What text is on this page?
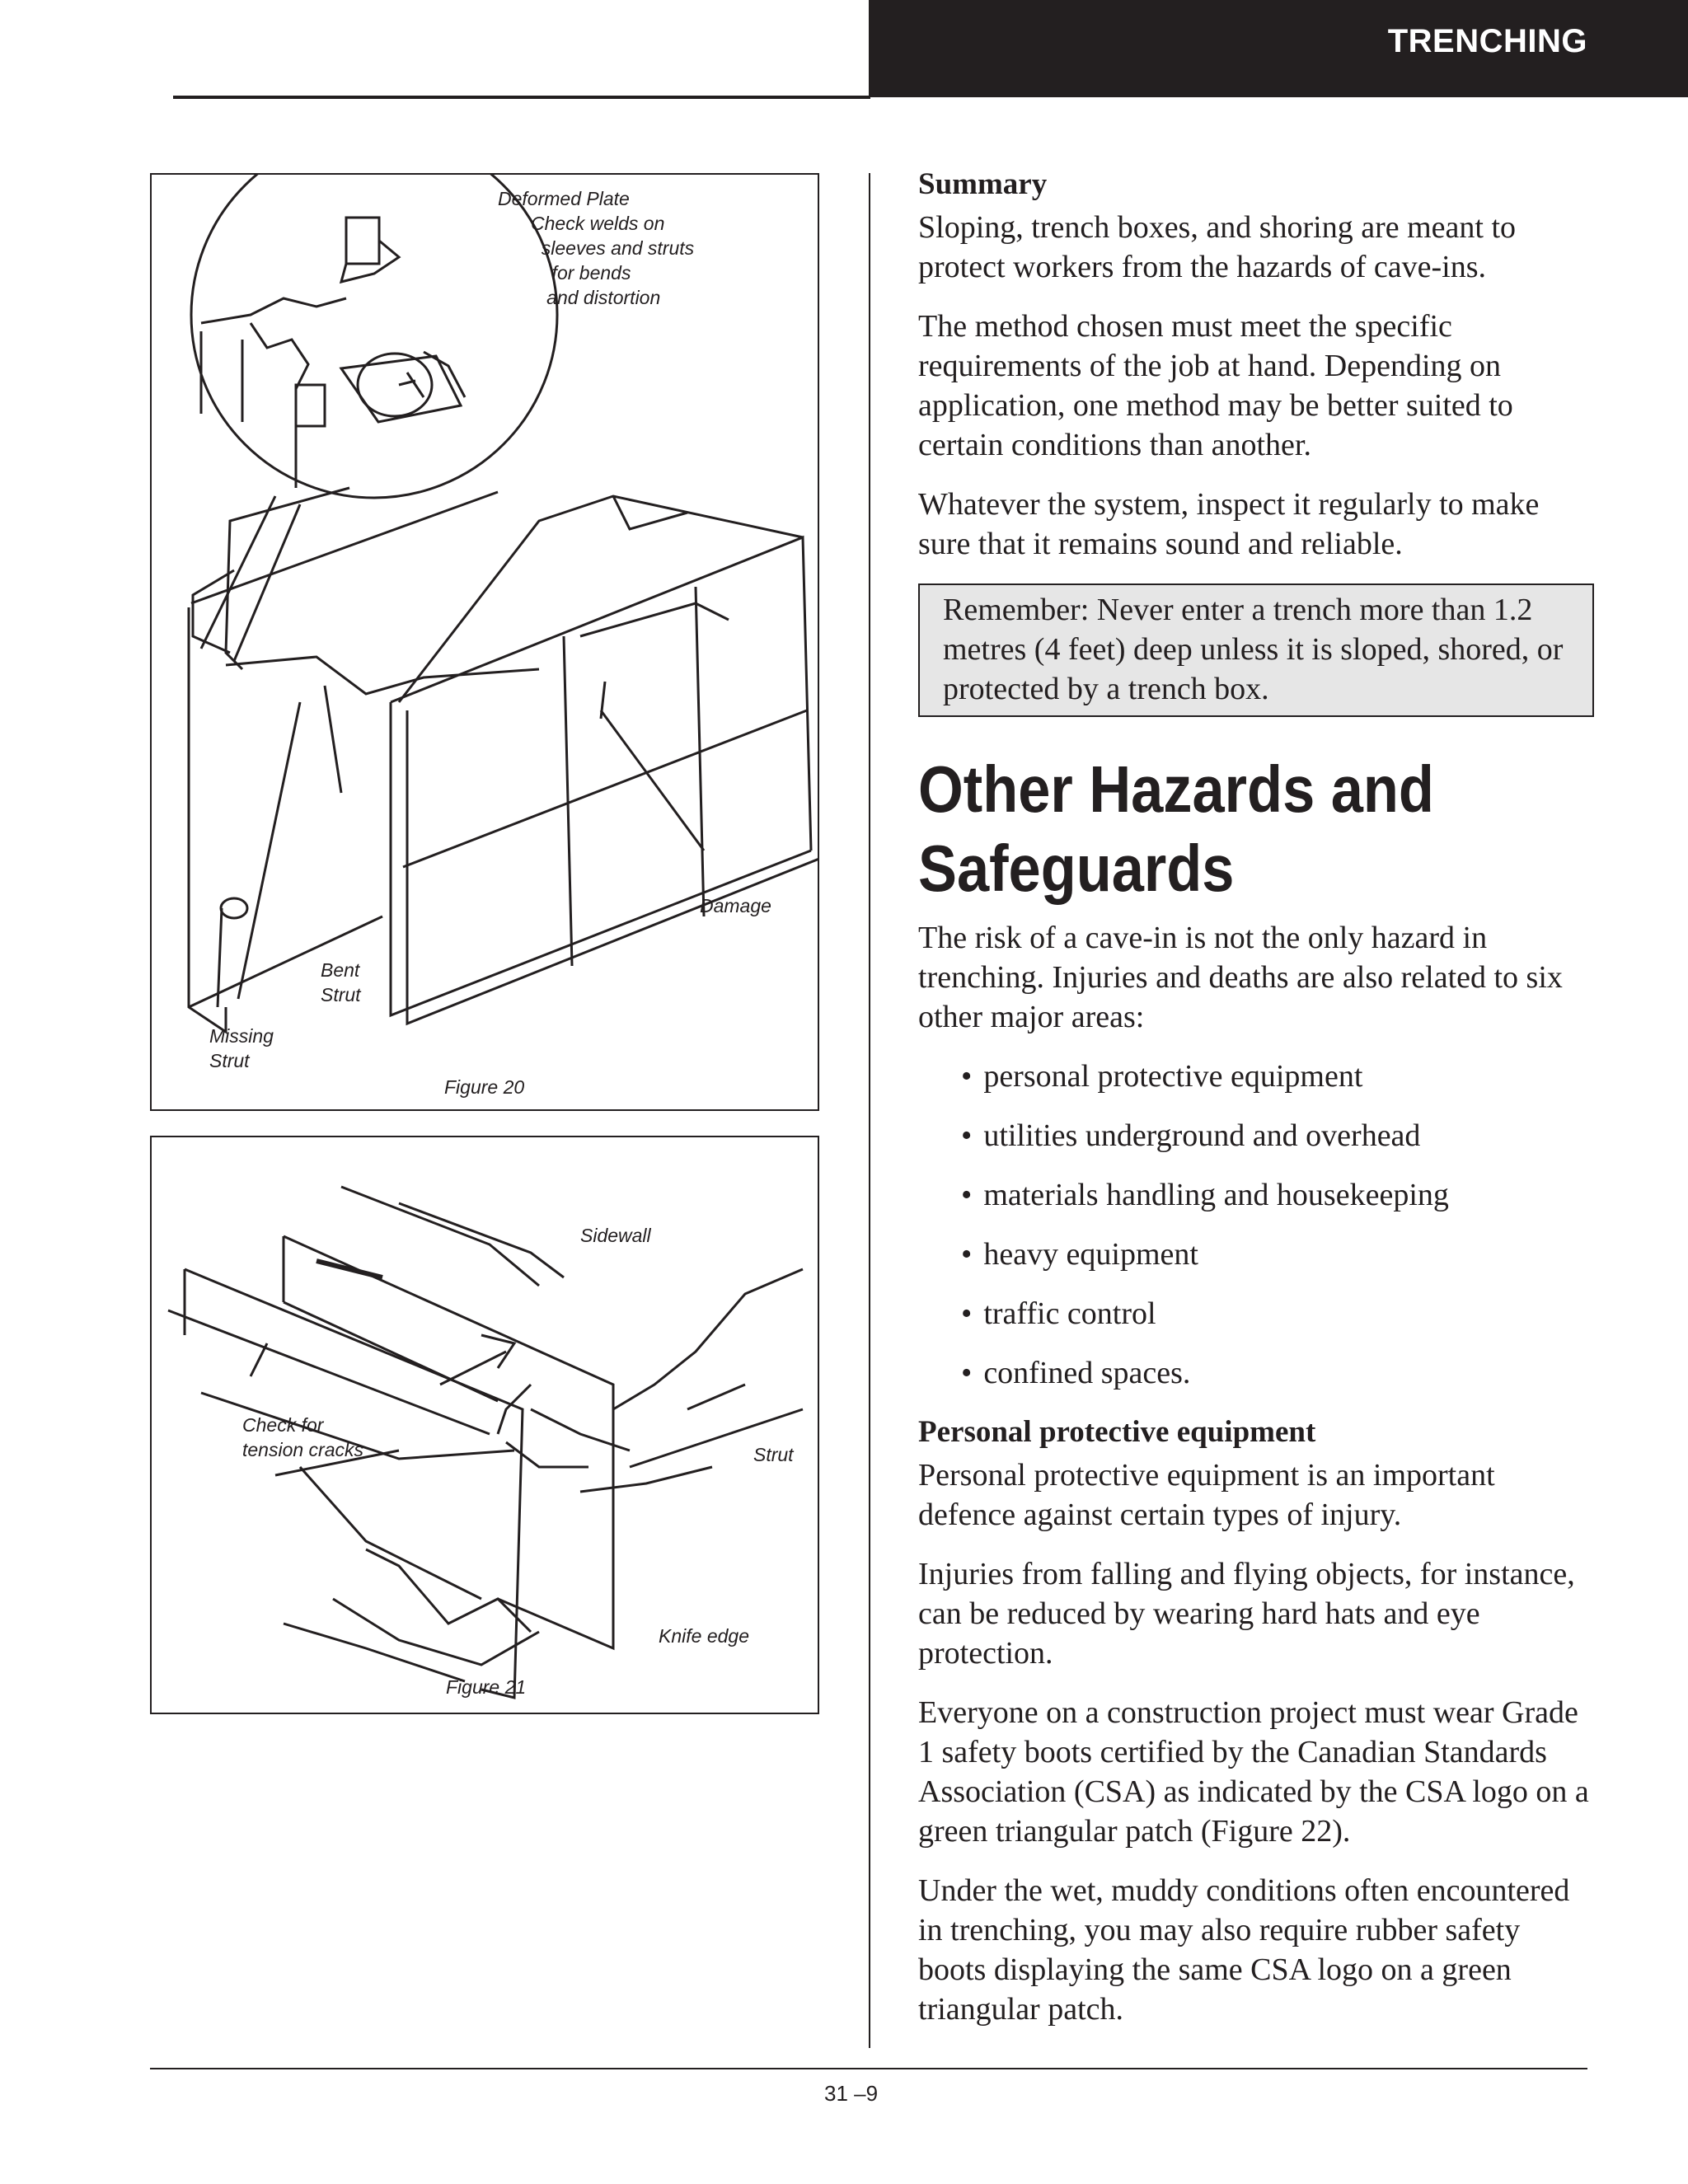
TRENCHING
Deformed Plate
Check welds on
sleeves and struts
for bends
and distortion
Damage
Bent
Strut
Missing
Strut
Figure 20
Sidewall
Check for
tension cracks	Strut
Knife edge
Figure 21
Summary

Sloping, trench boxes, and shoring are meant to protect workers from the hazards of cave-ins.

The method chosen must meet the specific requirements of the job at hand. Depending on application, one method may be better suited to certain conditions than another.

Whatever the system, inspect it regularly to make sure that it remains sound and reliable.

Remember: Never enter a trench more than 1.2 metres (4 feet) deep unless it is sloped, shored, or protected by a trench box.
Other Hazards and Safeguards

The risk of a cave-in is not the only hazard in trenching. Injuries and deaths are also related to six other major areas:

• personal protective equipment
• utilities underground and overhead
• materials handling and housekeeping
• heavy equipment
• traffic control
• confined spaces.
Personal protective equipment

Personal protective equipment is an important defence against certain types of injury.

Injuries from falling and flying objects, for instance, can be reduced by wearing hard hats and eye protection.

Everyone on a construction project must wear Grade 1 safety boots certified by the Canadian Standards Association (CSA) as indicated by the CSA logo on a green triangular patch (Figure 22).

Under the wet, muddy conditions often encountered in trenching, you may also require rubber safety boots displaying the same CSA logo on a green triangular patch.

31 –9
